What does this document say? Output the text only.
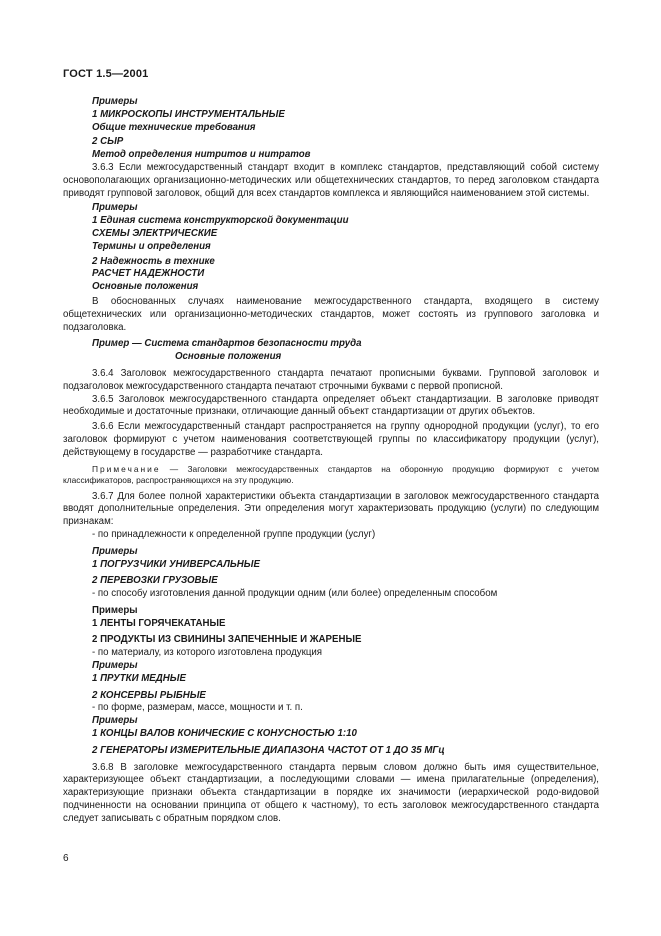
ГОСТ 1.5—2001

Примеры

1 МИКРОСКОПЫ ИНСТРУМЕНТАЛЬНЫЕ

Общие технические требования

2 СЫР

Метод определения нитритов и нитратов

3.6.3 Если межгосударственный стандарт входит в комплекс стандартов, представляющий собой систему основополагающих организационно-методических или общетехнических стандартов, то перед заголовком стандарта приводят групповой заголовок, общий для всех стандартов комплекса и являющийся наименованием этой системы.

Примеры

1 Единая система конструкторской документации

СХЕМЫ ЭЛЕКТРИЧЕСКИЕ

Термины и определения

2 Надежность в технике

РАСЧЕТ НАДЕЖНОСТИ

Основные положения

В обоснованных случаях наименование межгосударственного стандарта, входящего в систему общетехнических или организационно-методических стандартов, может состоять из группового заголовка и подзаголовка.

Пример — Система стандартов безопасности труда

Основные положения

3.6.4 Заголовок межгосударственного стандарта печатают прописными буквами. Групповой заголовок и подзаголовок межгосударственного стандарта печатают строчными буквами с первой прописной.

3.6.5 Заголовок межгосударственного стандарта определяет объект стандартизации. В заголовке приводят необходимые и достаточные признаки, отличающие данный объект стандартизации от других объектов.

3.6.6 Если межгосударственный стандарт распространяется на группу однородной продукции (услуг), то его заголовок формируют с учетом наименования соответствующей группы по классификатору продукции (услуг), действующему в государстве — разработчике стандарта.

Примечание — Заголовки межгосударственных стандартов на оборонную продукцию формируют с учетом классификаторов, распространяющихся на эту продукцию.

3.6.7 Для более полной характеристики объекта стандартизации в заголовок межгосударственного стандарта вводят дополнительные определения. Эти определения могут характеризовать продукцию (услуги) по следующим признакам:

- по принадлежности к определенной группе продукции (услуг)

Примеры

1 ПОГРУЗЧИКИ УНИВЕРСАЛЬНЫЕ

2 ПЕРЕВОЗКИ ГРУЗОВЫЕ

- по способу изготовления данной продукции одним (или более) определенным способом

Примеры

1 ЛЕНТЫ ГОРЯЧЕКАТАНЫЕ

2 ПРОДУКТЫ ИЗ СВИНИНЫ ЗАПЕЧЕННЫЕ И ЖАРЕНЫЕ

- по материалу, из которого изготовлена продукция

Примеры

1 ПРУТКИ МЕДНЫЕ

2 КОНСЕРВЫ РЫБНЫЕ

- по форме, размерам, массе, мощности и т. п.

Примеры

1 КОНЦЫ ВАЛОВ КОНИЧЕСКИЕ С КОНУСНОСТЬЮ 1:10

2 ГЕНЕРАТОРЫ ИЗМЕРИТЕЛЬНЫЕ ДИАПАЗОНА ЧАСТОТ ОТ 1 ДО 35 МГц

3.6.8 В заголовке межгосударственного стандарта первым словом должно быть имя существительное, характеризующее объект стандартизации, а последующими словами — имена прилагательные (определения), характеризующие признаки объекта стандартизации в порядке их значимости (иерархической родо-видовой подчиненности на основании принципа от общего к частному), то есть заголовок межгосударственного стандарта следует записывать с обратным порядком слов.

6
